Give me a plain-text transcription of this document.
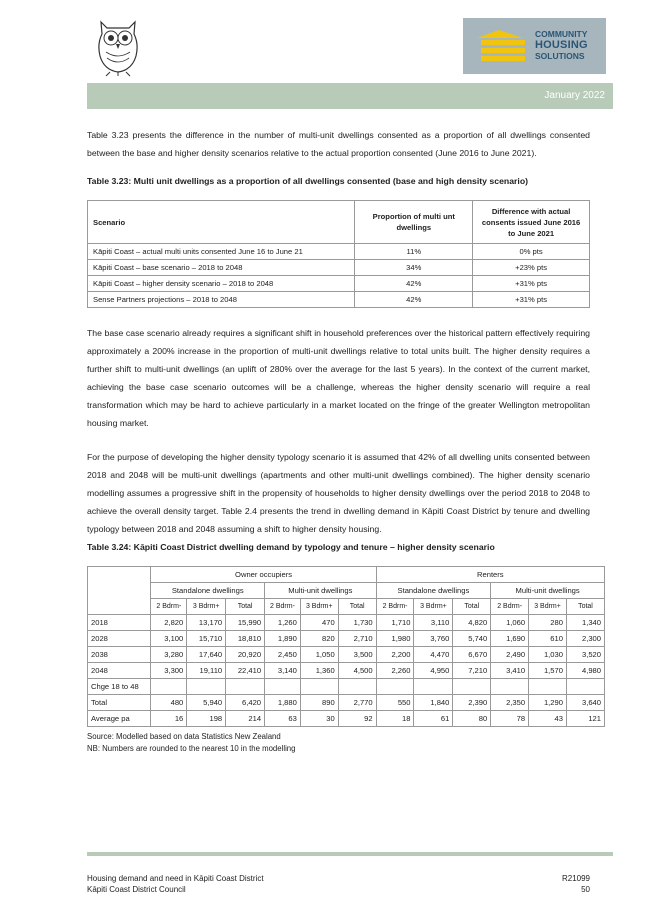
COMMUNITY
HOUSING
SOLUTIONS
January 2022

Table 3.23 presents the difference in the number of multi-unit dwellings consented as a proportion of all dwellings consented between the base and higher density scenarios relative to the actual proportion consented (June 2016 to June 2021).

Table 3.23: Multi unit dwellings as a proportion of all dwellings consented (base and high density scenario)
Scenario	Proportion of multi unt dwellings	Difference with actual consents issued June 2016 to June 2021
Kāpiti Coast – actual multi units consented June 16 to June 21	11%	0% pts
Kāpiti Coast – base scenario – 2018 to 2048	34%	+23% pts
Kāpiti Coast – higher density scenario – 2018 to 2048	42%	+31% pts
Sense Partners projections – 2018 to 2048	42%	+31% pts

The base case scenario already requires a significant shift in household preferences over the historical pattern effectively requiring approximately a 200% increase in the proportion of multi-unit dwellings relative to total units built. The higher density requires a further shift to multi-unit dwellings (an uplift of 280% over the average for the last 5 years). In the context of the current market, achieving the base case scenario outcomes will be a challenge, whereas the higher density scenario will require a real transformation which may be hard to achieve particularly in a market located on the fringe of the greater Wellington metropolitan housing market.

For the purpose of developing the higher density typology scenario it is assumed that 42% of all dwelling units consented between 2018 and 2048 will be multi-unit dwellings (apartments and other multi-unit dwellings combined). The higher density scenario modelling assumes a progressive shift in the propensity of households to higher density dwellings over the period 2018 to 2048 to achieve the overall density target. Table 2.4 presents the trend in dwelling demand in Kāpiti Coast District by tenure and dwelling typology between 2018 and 2048 assuming a shift to higher density housing.

Table 3.24: Kāpiti Coast District dwelling demand by typology and tenure – higher density scenario
	Owner occupiers						Renters					
	Standalone dwellings			Multi-unit dwellings			Standalone dwellings			Multi-unit dwellings		
	2 Bdrm-	3 Bdrm+	Total	2 Bdrm-	3 Bdrm+	Total	2 Bdrm-	3 Bdrm+	Total	2 Bdrm-	3 Bdrm+	Total
2018	2,820	13,170	15,990	1,260	470	1,730	1,710	3,110	4,820	1,060	280	1,340
2028	3,100	15,710	18,810	1,890	820	2,710	1,980	3,760	5,740	1,690	610	2,300
2038	3,280	17,640	20,920	2,450	1,050	3,500	2,200	4,470	6,670	2,490	1,030	3,520
2048	3,300	19,110	22,410	3,140	1,360	4,500	2,260	4,950	7,210	3,410	1,570	4,980
Chge 18 to 48												
Total	480	5,940	6,420	1,880	890	2,770	550	1,840	2,390	2,350	1,290	3,640
Average pa	16	198	214	63	30	92	18	61	80	78	43	121
Source: Modelled based on data Statistics New Zealand
NB: Numbers are rounded to the nearest 10 in the modelling
Housing demand and need in Kāpiti Coast District
Kāpiti Coast District Council
R21099
50
